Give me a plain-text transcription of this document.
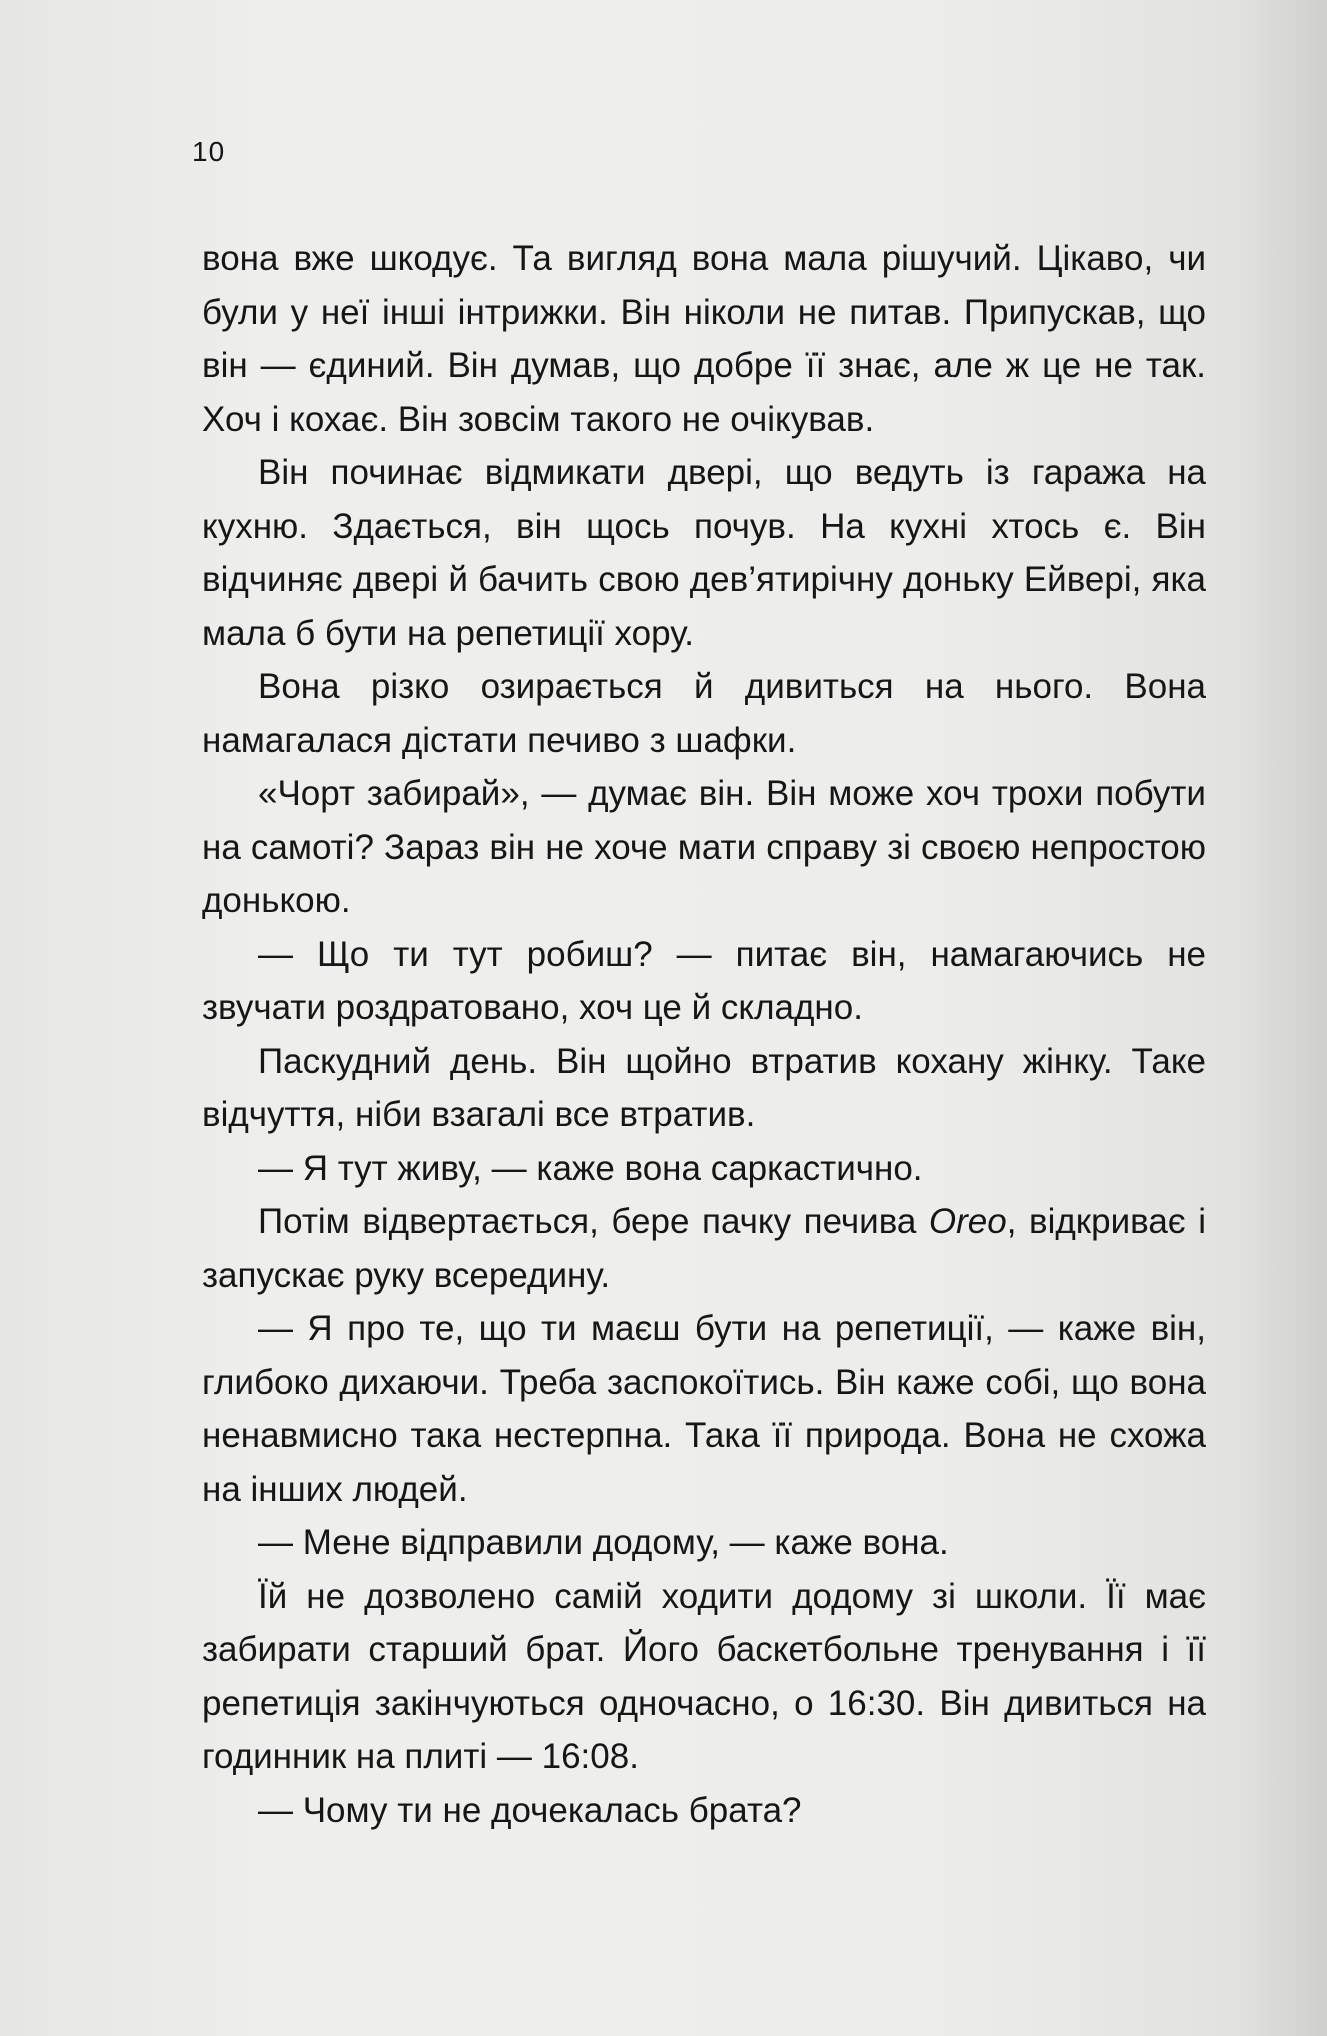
10

вона вже шкодує. Та вигляд вона мала рішучий. Цікаво, чи були у неї інші інтрижки. Він ніколи не питав. Припускав, що він — єдиний. Він думав, що добре її знає, але ж це не так. Хоч і кохає. Він зовсім такого не очікував.

Він починає відмикати двері, що ведуть із гаража на кухню. Здається, він щось почув. На кухні хтось є. Він відчиняє двері й бачить свою дев’ятирічну доньку Ейвері, яка мала б бути на репетиції хору.

Вона різко озирається й дивиться на нього. Вона намагалася дістати печиво з шафки.

«Чорт забирай», — думає він. Він може хоч трохи побути на самоті? Зараз він не хоче мати справу зі своєю непростою донькою.

— Що ти тут робиш? — питає він, намагаючись не звучати роздратовано, хоч це й складно.

Паскудний день. Він щойно втратив кохану жінку. Таке відчуття, ніби взагалі все втратив.

— Я тут живу, — каже вона саркастично.

Потім відвертається, бере пачку печива Oreo, відкриває і запускає руку всередину.

— Я про те, що ти маєш бути на репетиції, — каже він, глибоко дихаючи. Треба заспокоїтись. Він каже собі, що вона ненавмисно така нестерпна. Така її природа. Вона не схожа на інших людей.

— Мене відправили додому, — каже вона.

Їй не дозволено самій ходити додому зі школи. Її має забирати старший брат. Його баскетбольне тренування і її репетиція закінчуються одночасно, о 16:30. Він дивиться на годинник на плиті — 16:08.

— Чому ти не дочекалась брата?
